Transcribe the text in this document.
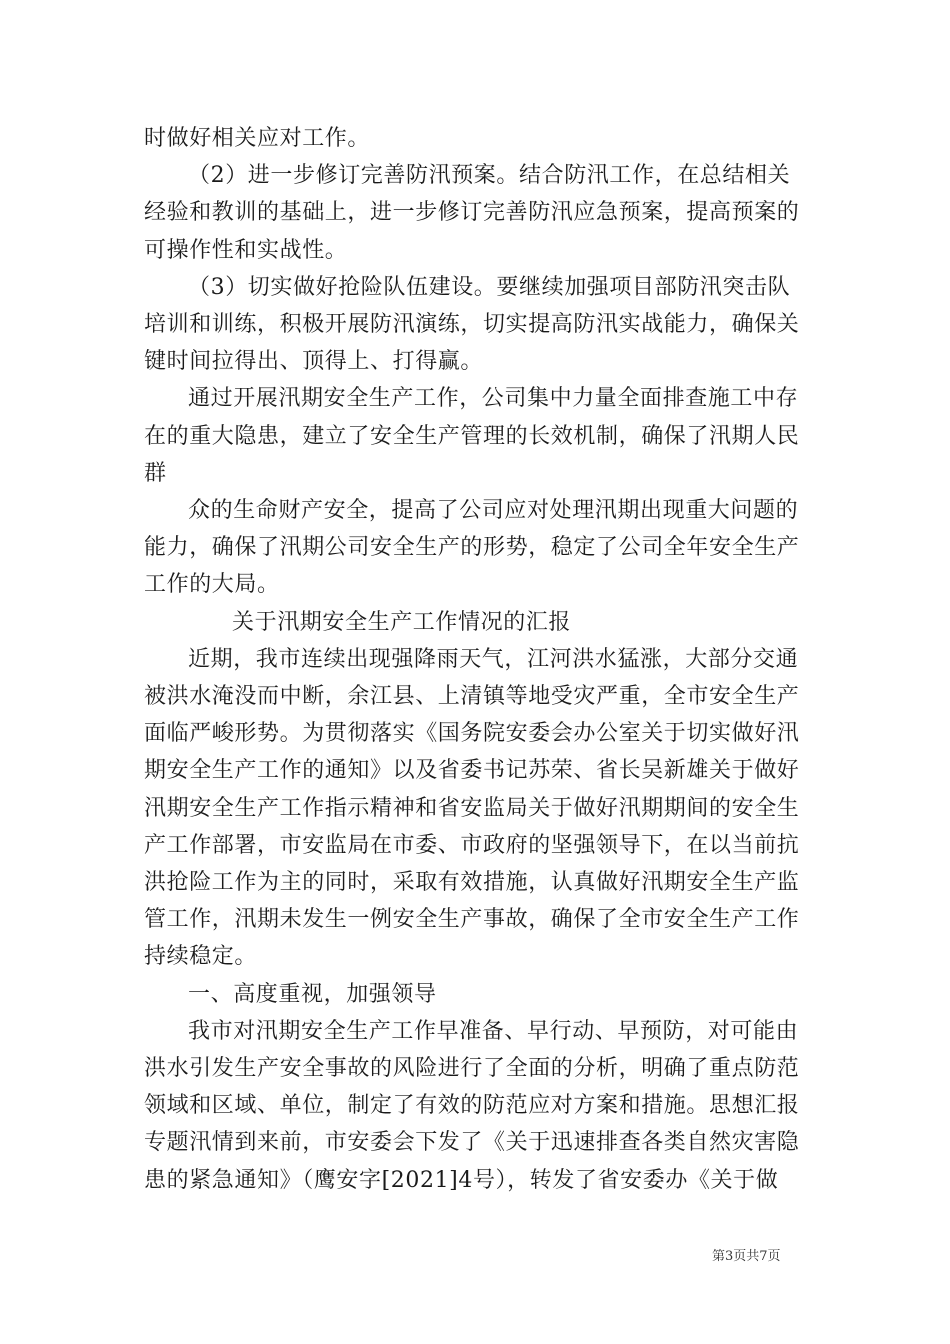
时做好相关应对工作。
（2）进一步修订完善防汛预案。结合防汛工作，在总结相关
经验和教训的基础上，进一步修订完善防汛应急预案，提高预案的
可操作性和实战性。
（3）切实做好抢险队伍建设。要继续加强项目部防汛突击队
培训和训练，积极开展防汛演练，切实提高防汛实战能力，确保关
键时间拉得出、顶得上、打得赢。
通过开展汛期安全生产工作，公司集中力量全面排查施工中存
在的重大隐患，建立了安全生产管理的长效机制，确保了汛期人民
群
众的生命财产安全，提高了公司应对处理汛期出现重大问题的
能力，确保了汛期公司安全生产的形势，稳定了公司全年安全生产
工作的大局。
关于汛期安全生产工作情况的汇报
近期，我市连续出现强降雨天气，江河洪水猛涨，大部分交通
被洪水淹没而中断，余江县、上清镇等地受灾严重，全市安全生产
面临严峻形势。为贯彻落实《国务院安委会办公室关于切实做好汛
期安全生产工作的通知》以及省委书记苏荣、省长吴新雄关于做好
汛期安全生产工作指示精神和省安监局关于做好汛期期间的安全生
产工作部署，市安监局在市委、市政府的坚强领导下，在以当前抗
洪抢险工作为主的同时，采取有效措施，认真做好汛期安全生产监
管工作，汛期未发生一例安全生产事故，确保了全市安全生产工作
持续稳定。
一、高度重视，加强领导
我市对汛期安全生产工作早准备、早行动、早预防，对可能由
洪水引发生产安全事故的风险进行了全面的分析，明确了重点防范
领域和区域、单位，制定了有效的防范应对方案和措施。思想汇报
专题汛情到来前，市安委会下发了《关于迅速排查各类自然灾害隐
患的紧急通知》（鹰安字[2021]4号），转发了省安委办《关于做
第3页共7页
